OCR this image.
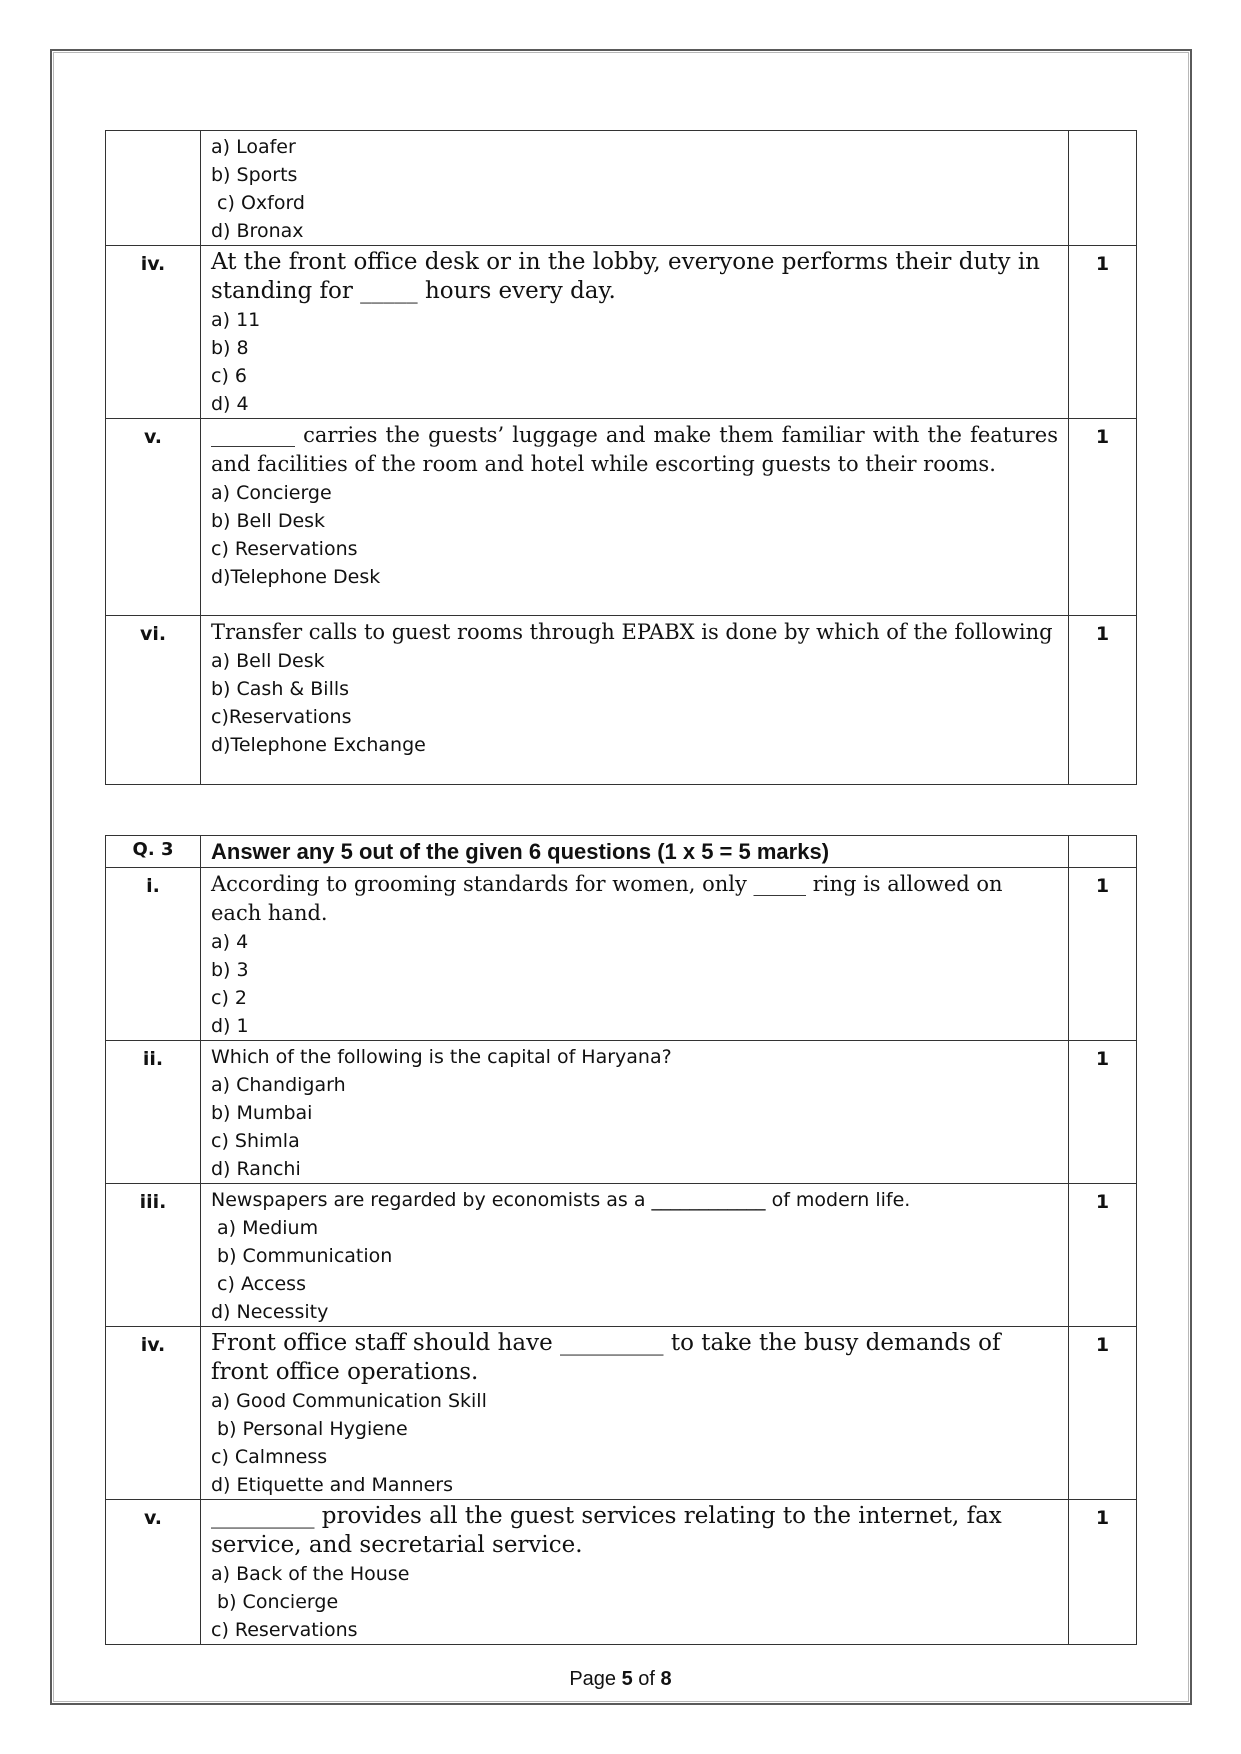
	a) Loafer
b) Sports
c) Oxford
d) Bronax	

iv.	At the front office desk or in the lobby, everyone performs their duty in standing for _____ hours every day.
a) 11
b) 8
c) 6
d) 4	1
v.	________ carries the guests’ luggage and make them familiar with the features and facilities of the room and hotel while escorting guests to their rooms.
a) Concierge
b) Bell Desk
c) Reservations
d)Telephone Desk	1
vi.	Transfer calls to guest rooms through EPABX is done by which of the following
a) Bell Desk
b) Cash & Bills
c)Reservations
d)Telephone Exchange	1
Q. 3	Answer any 5 out of the given 6 questions (1 x 5 = 5 marks)	

i.	According to grooming standards for women, only _____ ring is allowed on each hand.
a) 4
b) 3
c) 2
d) 1	1
ii.	Which of the following is the capital of Haryana?
a) Chandigarh
b) Mumbai
c) Shimla
d) Ranchi	1
iii.	Newspapers are regarded by economists as a ____________ of modern life.
a) Medium
b) Communication
c) Access
d) Necessity	1
iv.	Front office staff should have _________ to take the busy demands of front office operations.
a) Good Communication Skill
b) Personal Hygiene
c) Calmness
d) Etiquette and Manners	1
v.	_________ provides all the guest services relating to the internet, fax service, and secretarial service.
a) Back of the House
b) Concierge
c) Reservations	1
Page 5 of 8
